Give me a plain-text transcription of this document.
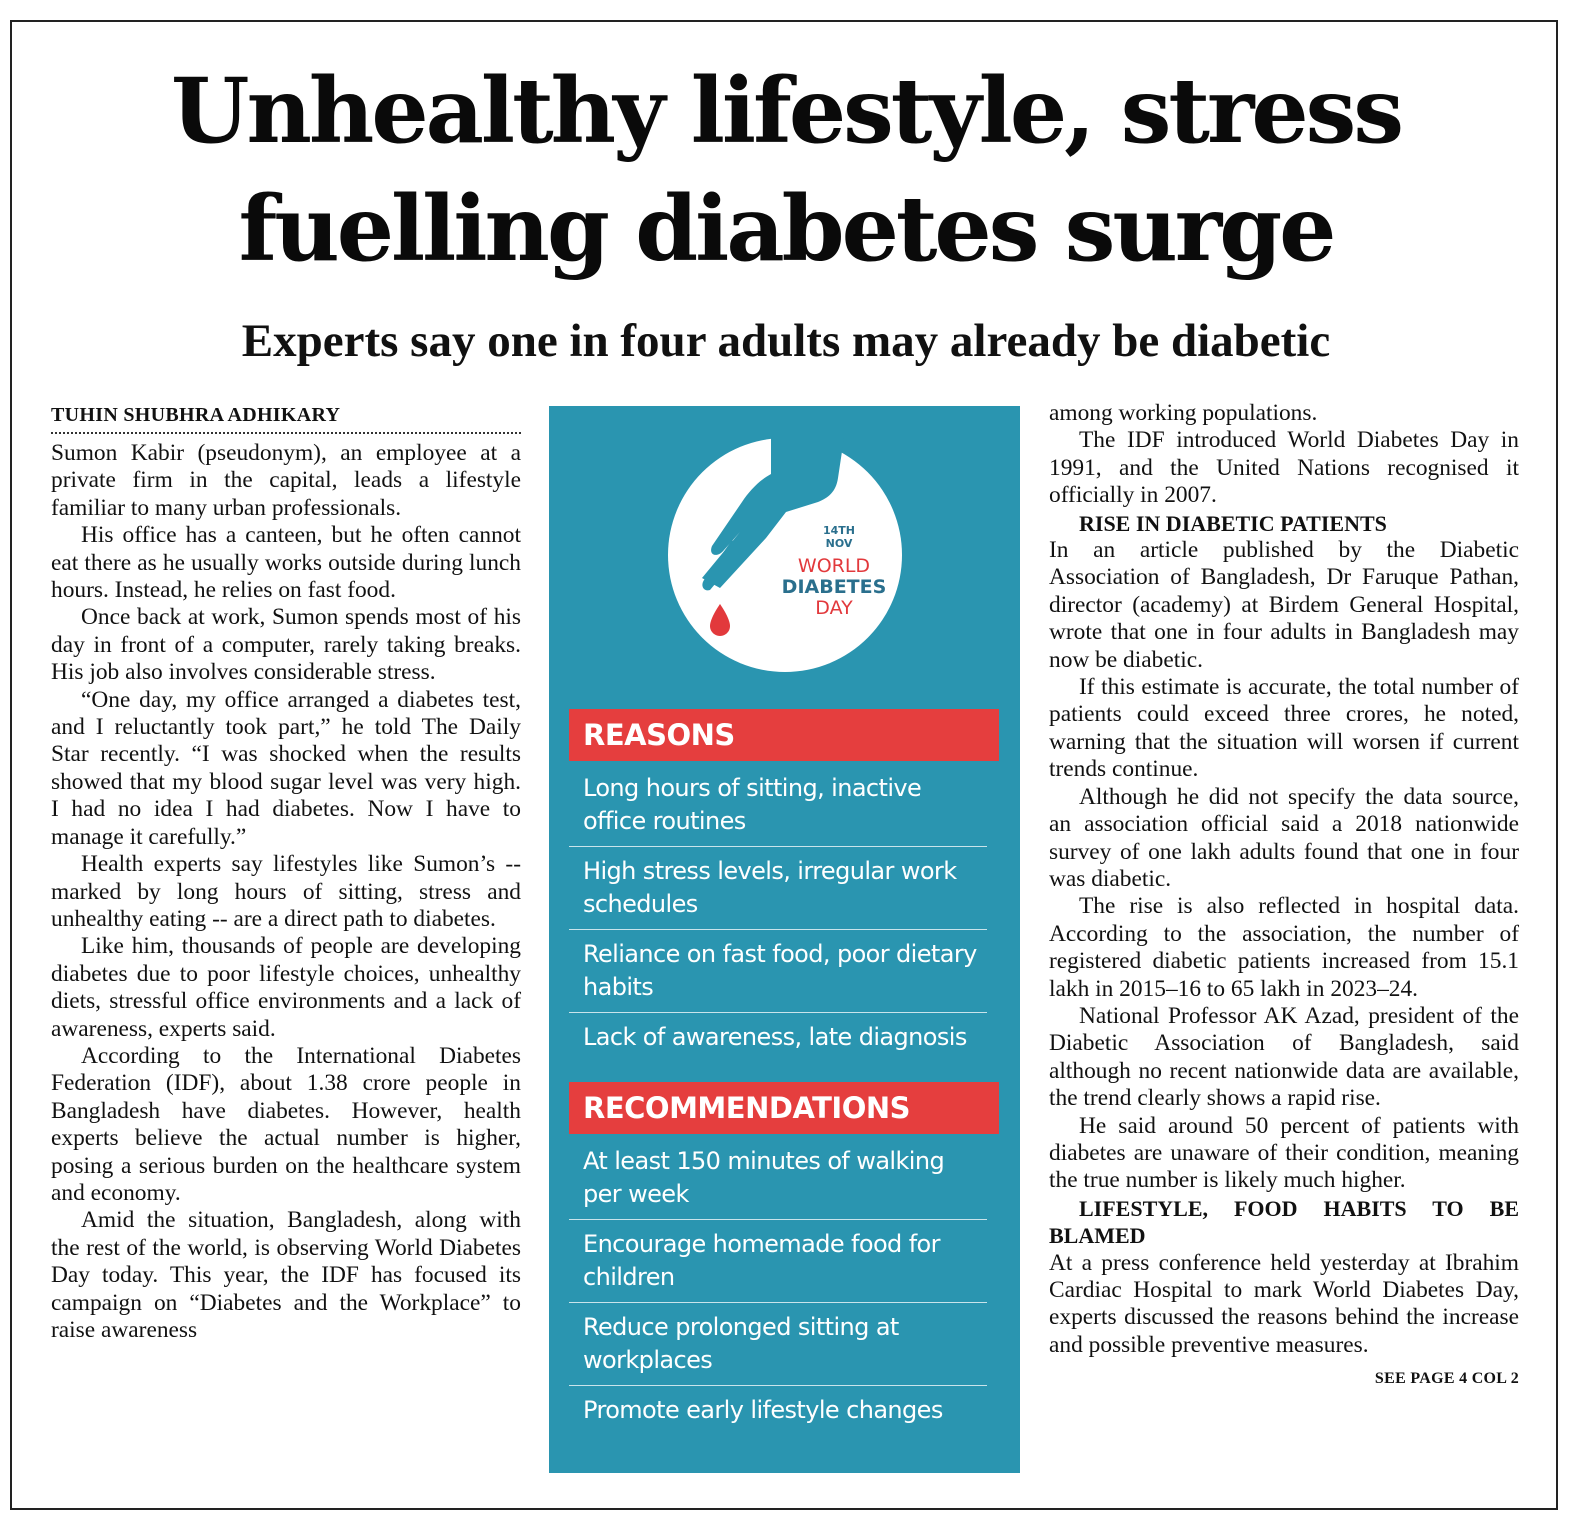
Unhealthy lifestyle, stress
fuelling diabetes surge
Experts say one in four adults may already be diabetic
TUHIN SHUBHRA ADHIKARY

Sumon Kabir (pseudonym), an employee at a private firm in the capital, leads a lifestyle familiar to many urban professionals.

His office has a canteen, but he often cannot eat there as he usually works outside during lunch hours. Instead, he relies on fast food.

Once back at work, Sumon spends most of his day in front of a computer, rarely taking breaks. His job also involves considerable stress.

“One day, my office arranged a diabetes test, and I reluctantly took part,” he told The Daily Star recently. “I was shocked when the results showed that my blood sugar level was very high. I had no idea I had diabetes. Now I have to manage it carefully.”

Health experts say lifestyles like Sumon’s -- marked by long hours of sitting, stress and unhealthy eating -- are a direct path to diabetes.

Like him, thousands of people are developing diabetes due to poor lifestyle choices, unhealthy diets, stressful office environments and a lack of awareness, experts said.

According to the International Diabetes Federation (IDF), about 1.38 crore people in Bangladesh have diabetes. However, health experts believe the actual number is higher, posing a serious burden on the healthcare system and economy.

Amid the situation, Bangladesh, along with the rest of the world, is observing World Diabetes Day today. This year, the IDF has focused its campaign on “Diabetes and the Workplace” to raise awareness

14TH
NOV
WORLD
DIABETES
DAY
REASONS
Long hours of sitting, inactive office routines
High stress levels, irregular work schedules
Reliance on fast food, poor dietary habits
Lack of awareness, late diagnosis
RECOMMENDATIONS
At least 150 minutes of walking per week
Encourage homemade food for children
Reduce prolonged sitting at workplaces
Promote early lifestyle changes

among working populations.

The IDF introduced World Diabetes Day in 1991, and the United Nations recognised it officially in 2007.

RISE IN DIABETIC PATIENTS

In an article published by the Diabetic Association of Bangladesh, Dr Faruque Pathan, director (academy) at Birdem General Hospital, wrote that one in four adults in Bangladesh may now be diabetic.

If this estimate is accurate, the total number of patients could exceed three crores, he noted, warning that the situation will worsen if current trends continue.

Although he did not specify the data source, an association official said a 2018 nationwide survey of one lakh adults found that one in four was diabetic.

The rise is also reflected in hospital data. According to the association, the number of registered diabetic patients increased from 15.1 lakh in 2015–16 to 65 lakh in 2023–24.

National Professor AK Azad, president of the Diabetic Association of Bangladesh, said although no recent nationwide data are available, the trend clearly shows a rapid rise.

He said around 50 percent of patients with diabetes are unaware of their condition, meaning the true number is likely much higher.

LIFESTYLE, FOOD HABITS TO BE BLAMED

At a press conference held yesterday at Ibrahim Cardiac Hospital to mark World Diabetes Day, experts discussed the reasons behind the increase and possible preventive measures.

SEE PAGE 4 COL 2
